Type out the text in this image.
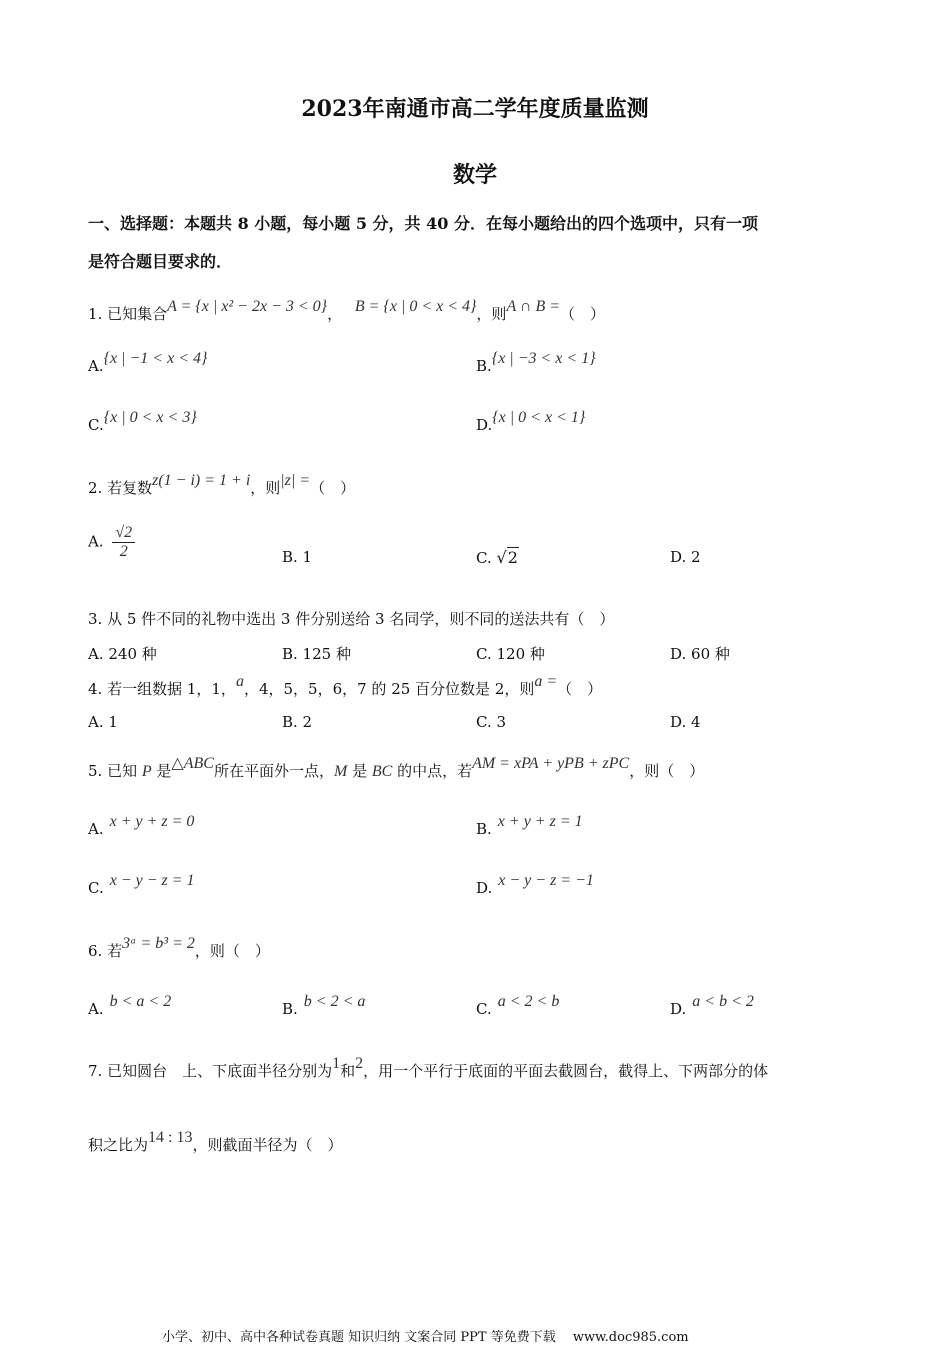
2023年南通市高二学年度质量监测
数学
一、选择题：本题共 8 小题，每小题 5 分，共 40 分．在每小题给出的四个选项中，只有一项
是符合题目要求的．
1. 已知集合A = {x | x² − 2x − 3 < 0}， B = {x | 0 < x < 4}，则A ∩ B =（　）
A.{x | −1 < x < 4}	B.{x | −3 < x < 1}
C.{x | 0 < x < 3}	D.{x | 0 < x < 1}
2. 若复数z(1 − i) = 1 + i，则|z| =（　）
A. $\frac{√2}{2}$	B. 1	C. √2	D. 2
3. 从 5 件不同的礼物中选出 3 件分别送给 3 名同学，则不同的送法共有（　）
A. 240 种	B. 125 种	C. 120 种	D. 60 种
4. 若一组数据 1，1，a，4，5，5，6，7 的 25 百分位数是 2，则a =（　）
A. 1	B. 2	C. 3	D. 4
5. 已知 P 是△ABC所在平面外一点，M 是 BC 的中点，若AM = xPA + yPB + zPC，则（　）
A. x + y + z = 0	B. x + y + z = 1
C. x − y − z = 1	D. x − y − z = −1
6. 若3ᵃ = b³ = 2，则（　）
A. b < a < 2	B. b < 2 < a	C. a < 2 < b	D. a < b < 2
7. 已知圆台　上、下底面半径分别为1和2，用一个平行于底面的平面去截圆台，截得上、下两部分的体
积之比为14 : 13，则截面半径为（　）
小学、初中、高中各种试卷真题 知识归纳 文案合同 PPT 等免费下载　 www.doc985.com
